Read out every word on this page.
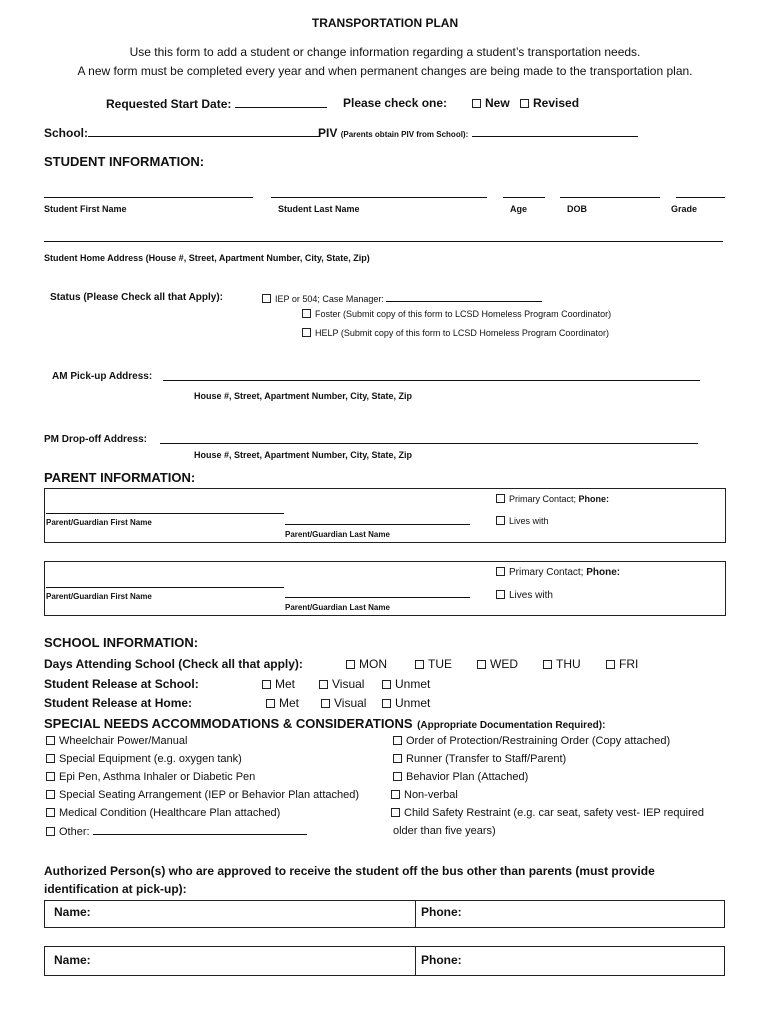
TRANSPORTATION PLAN
Use this form to add a student or change information regarding a student’s transportation needs.
A new form must be completed every year and when permanent changes are being made to the transportation plan.
Requested Start Date:	Please check one:	New	Revised
School:	PIV (Parents obtain PIV from School):
STUDENT INFORMATION:
Student First Name	Student Last Name	Age	DOB	Grade
Student Home Address (House #, Street, Apartment Number, City, State, Zip)
Status (Please Check all that Apply):	IEP or 504; Case Manager:
Foster (Submit copy of this form to LCSD Homeless Program Coordinator)
HELP (Submit copy of this form to LCSD Homeless Program Coordinator)
AM Pick-up Address:
House #, Street, Apartment Number, City, State, Zip
PM Drop-off Address:
House #, Street, Apartment Number, City, State, Zip
PARENT INFORMATION:
Parent/Guardian First Name
Parent/Guardian Last Name
Primary Contact; Phone:
Lives with
Parent/Guardian First Name
Parent/Guardian Last Name
Primary Contact; Phone:
Lives with
SCHOOL INFORMATION:
Days Attending School (Check all that apply):	MON	TUE	WED	THU	FRI
Student Release at School:	Met	Visual	Unmet
Student Release at Home:	Met	Visual	Unmet
SPECIAL NEEDS ACCOMMODATIONS & CONSIDERATIONS (Appropriate Documentation Required):
Wheelchair Power/Manual
Special Equipment (e.g. oxygen tank)
Epi Pen, Asthma Inhaler or Diabetic Pen
Special Seating Arrangement (IEP or Behavior Plan attached)
Medical Condition (Healthcare Plan attached)
Other:
Order of Protection/Restraining Order (Copy attached)
Runner (Transfer to Staff/Parent)
Behavior Plan (Attached)
Non-verbal
Child Safety Restraint (e.g. car seat, safety vest- IEP required
older than five years)
Authorized Person(s) who are approved to receive the student off the bus other than parents (must provide
identification at pick-up):
Name:	Phone:
Name:	Phone:
